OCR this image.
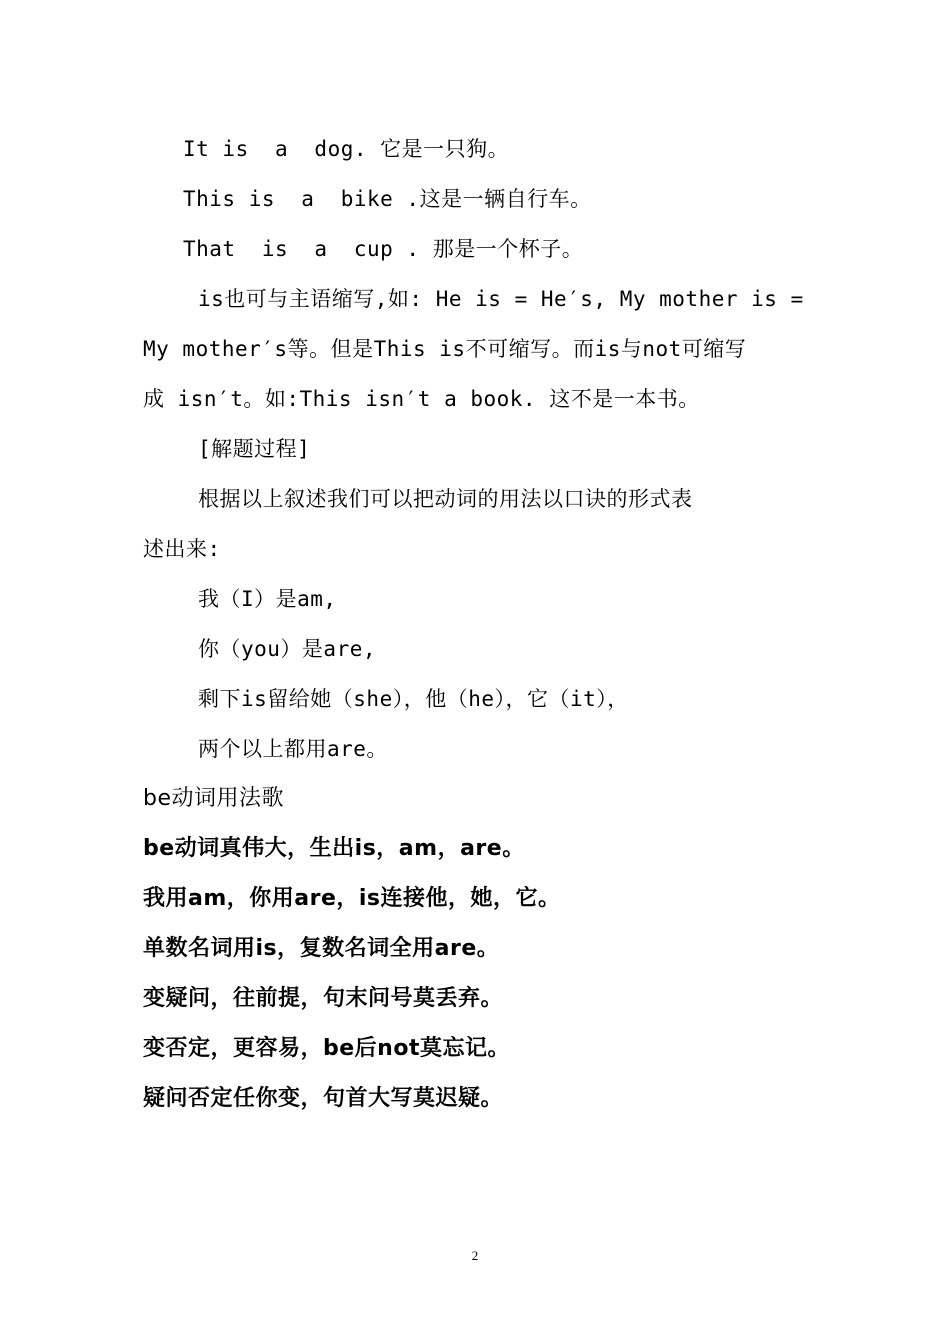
It is  a  dog. 它是一只狗。
This is  a  bike .这是一辆自行车。
That  is  a  cup . 那是一个杯子。
is也可与主语缩写,如: He is = He′s, My mother is =
My mother′s等。但是This is不可缩写。而is与not可缩写
成 isn′t。如:This isn′t a book. 这不是一本书。
[解题过程]
根据以上叙述我们可以把动词的用法以口诀的形式表
述出来:
我（I）是am,
你（you）是are,
剩下is留给她（she），他（he），它（it），
两个以上都用are。
be动词用法歌
be动词真伟大，生出is，am，are。
我用am，你用are，is连接他，她，它。
单数名词用is，复数名词全用are。
变疑问，往前提，句末问号莫丢弃。
变否定，更容易，be后not莫忘记。
疑问否定任你变，句首大写莫迟疑。
2
